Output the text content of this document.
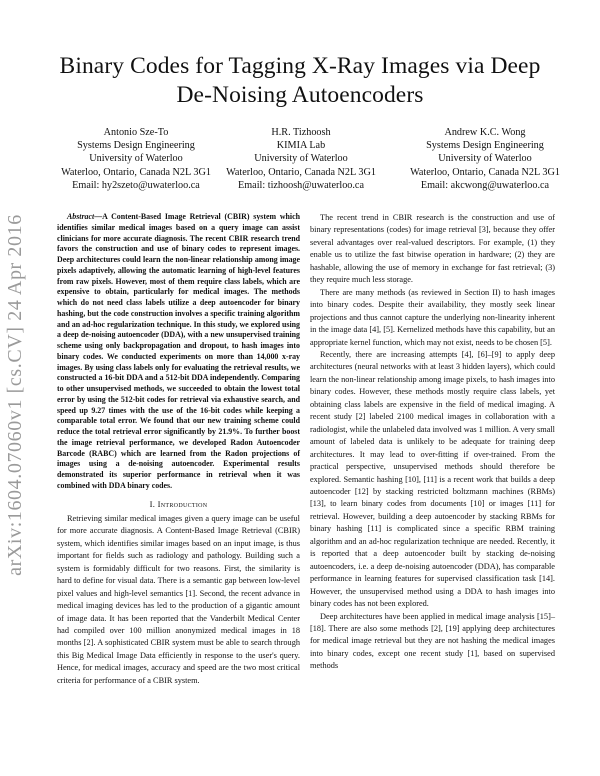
arXiv:1604.07060v1 [cs.CV] 24 Apr 2016
Binary Codes for Tagging X-Ray Images via Deep De-Noising Autoencoders
Antonio Sze-To
Systems Design Engineering
University of Waterloo
Waterloo, Ontario, Canada N2L 3G1
Email: hy2szeto@uwaterloo.ca
H.R. Tizhoosh
KIMIA Lab
University of Waterloo
Waterloo, Ontario, Canada N2L 3G1
Email: tizhoosh@uwaterloo.ca
Andrew K.C. Wong
Systems Design Engineering
University of Waterloo
Waterloo, Ontario, Canada N2L 3G1
Email: akcwong@uwaterloo.ca

Abstract—A Content-Based Image Retrieval (CBIR) system which identifies similar medical images based on a query image can assist clinicians for more accurate diagnosis. The recent CBIR research trend favors the construction and use of binary codes to represent images. Deep architectures could learn the non-linear relationship among image pixels adaptively, allowing the automatic learning of high-level features from raw pixels. However, most of them require class labels, which are expensive to obtain, particularly for medical images. The methods which do not need class labels utilize a deep autoencoder for binary hashing, but the code construction involves a specific training algorithm and an ad-hoc regularization technique. In this study, we explored using a deep de-noising autoencoder (DDA), with a new unsupervised training scheme using only backpropagation and dropout, to hash images into binary codes. We conducted experiments on more than 14,000 x-ray images. By using class labels only for evaluating the retrieval results, we constructed a 16-bit DDA and a 512-bit DDA independently. Comparing to other unsupervised methods, we succeeded to obtain the lowest total error by using the 512-bit codes for retrieval via exhaustive search, and speed up 9.27 times with the use of the 16-bit codes while keeping a comparable total error. We found that our new training scheme could reduce the total retrieval error significantly by 21.9%. To further boost the image retrieval performance, we developed Radon Autoencoder Barcode (RABC) which are learned from the Radon projections of images using a de-noising autoencoder. Experimental results demonstrated its superior performance in retrieval when it was combined with DDA binary codes.

I. Introduction

Retrieving similar medical images given a query image can be useful for more accurate diagnosis. A Content-Based Image Retrieval (CBIR) system, which identifies similar images based on an input image, is thus important for fields such as radiology and pathology. Building such a system is formidably difficult for two reasons. First, the similarity is hard to define for visual data. There is a semantic gap between low-level pixel values and high-level semantics [1]. Second, the recent advance in medical imaging devices has led to the production of a gigantic amount of image data. It has been reported that the Vanderbilt Medical Center had compiled over 100 million anonymized medical images in 18 months [2]. A sophisticated CBIR system must be able to search through this Big Medical Image Data efficiently in response to the user's query. Hence, for medical images, accuracy and speed are the two most critical criteria for performance of a CBIR system.

The recent trend in CBIR research is the construction and use of binary representations (codes) for image retrieval [3], because they offer several advantages over real-valued descriptors. For example, (1) they enable us to utilize the fast bitwise operation in hardware; (2) they are hashable, allowing the use of memory in exchange for fast retrieval; (3) they require much less storage.

There are many methods (as reviewed in Section II) to hash images into binary codes. Despite their availability, they mostly seek linear projections and thus cannot capture the underlying non-linearity inherent in the image data [4], [5]. Kernelized methods have this capability, but an appropriate kernel function, which may not exist, needs to be chosen [5].

Recently, there are increasing attempts [4], [6]–[9] to apply deep architectures (neural networks with at least 3 hidden layers), which could learn the non-linear relationship among image pixels, to hash images into binary codes. However, these methods mostly require class labels, yet obtaining class labels are expensive in the field of medical imaging. A recent study [2] labeled 2100 medical images in collaboration with a radiologist, while the unlabeled data involved was 1 million. A very small amount of labeled data is unlikely to be adequate for training deep architectures. It may lead to over-fitting if over-trained. From the practical perspective, unsupervised methods should therefore be explored. Semantic hashing [10], [11] is a recent work that builds a deep autoencoder [12] by stacking restricted boltzmann machines (RBMs) [13], to learn binary codes from documents [10] or images [11] for retrieval. However, building a deep autoencoder by stacking RBMs for binary hashing [11] is complicated since a specific RBM training algorithm and an ad-hoc regularization technique are needed. Recently, it is reported that a deep autoencoder built by stacking de-noising autoencoders, i.e. a deep de-noising autoencoder (DDA), has comparable performance in learning features for supervised classification task [14]. However, the unsupervised method using a DDA to hash images into binary codes has not been explored.

Deep architectures have been applied in medical image analysis [15]–[18]. There are also some methods [2], [19] applying deep architectures for medical image retrieval but they are not hashing the medical images into binary codes, except one recent study [1], based on supervised methods
